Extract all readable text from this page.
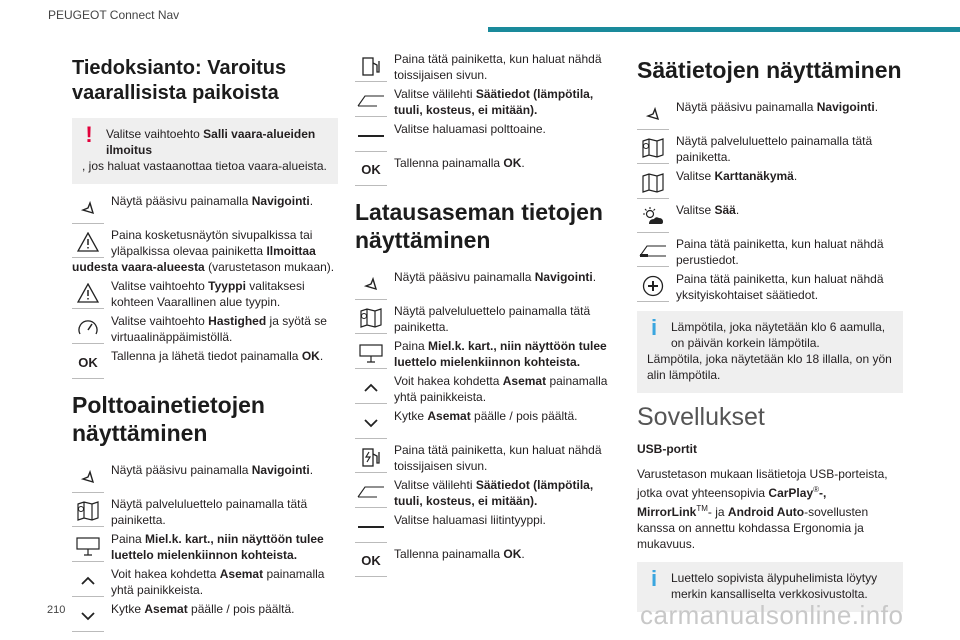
PEUGEOT Connect Nav
Tiedoksianto: Varoitus vaarallisista paikoista
!	Valitse vaihtoehto Salli vaara-alueiden ilmoitus
, jos haluat vastaanottaa tietoa vaara-alueista.
Näytä pääsivu painamalla Navigointi.
Paina kosketusnäytön sivupalkissa tai yläpalkissa olevaa painiketta Ilmoittaa
uudesta vaara-alueesta (varustetason mukaan).
Valitse vaihtoehto Tyyppi valitaksesi kohteen Vaarallinen alue tyypin.
Valitse vaihtoehto Hastighed ja syötä se virtuaalinäppäimistöllä.
OK Tallenna ja lähetä tiedot painamalla OK.
Polttoainetietojen näyttäminen
Näytä pääsivu painamalla Navigointi.
Näytä palveluluettelo painamalla tätä painiketta.
Paina Miel.k. kart., niin näyttöön tulee luettelo mielenkiinnon kohteista.
Voit hakea kohdetta Asemat painamalla yhtä painikkeista.
Kytke Asemat päälle / pois päältä.
Paina tätä painiketta, kun haluat nähdä toissijaisen sivun.
Valitse välilehti Säätiedot (lämpötila, tuuli, kosteus, ei mitään).
Valitse haluamasi polttoaine.
OK Tallenna painamalla OK.
Latausaseman tietojen näyttäminen
Näytä pääsivu painamalla Navigointi.
Näytä palveluluettelo painamalla tätä painiketta.
Paina Miel.k. kart., niin näyttöön tulee luettelo mielenkiinnon kohteista.
Voit hakea kohdetta Asemat painamalla yhtä painikkeista.
Kytke Asemat päälle / pois päältä.
Paina tätä painiketta, kun haluat nähdä toissijaisen sivun.
Valitse välilehti Säätiedot (lämpötila, tuuli, kosteus, ei mitään).
Valitse haluamasi liitintyyppi.
OK Tallenna painamalla OK.
Säätietojen näyttäminen
Näytä pääsivu painamalla Navigointi.
Näytä palveluluettelo painamalla tätä painiketta.
Valitse Karttanäkymä.
Valitse Sää.
Paina tätä painiketta, kun haluat nähdä perustiedot.
Paina tätä painiketta, kun haluat nähdä yksityiskohtaiset säätiedot.
i	Lämpötila, joka näytetään klo 6 aamulla, on päivän korkein lämpötila.
Lämpötila, joka näytetään klo 18 illalla, on yön alin lämpötila.
Sovellukset
USB-portit
Varustetason mukaan lisätietoja USB-porteista, jotka ovat yhteensopivia CarPlay®-, MirrorLink™- ja Android Auto-sovellusten kanssa on annettu kohdassa Ergonomia ja mukavuus.
i	Luettelo sopivista älypuhelimista löytyy merkin kansalliselta verkkosivustolta.
210	carmanualsonline.info
